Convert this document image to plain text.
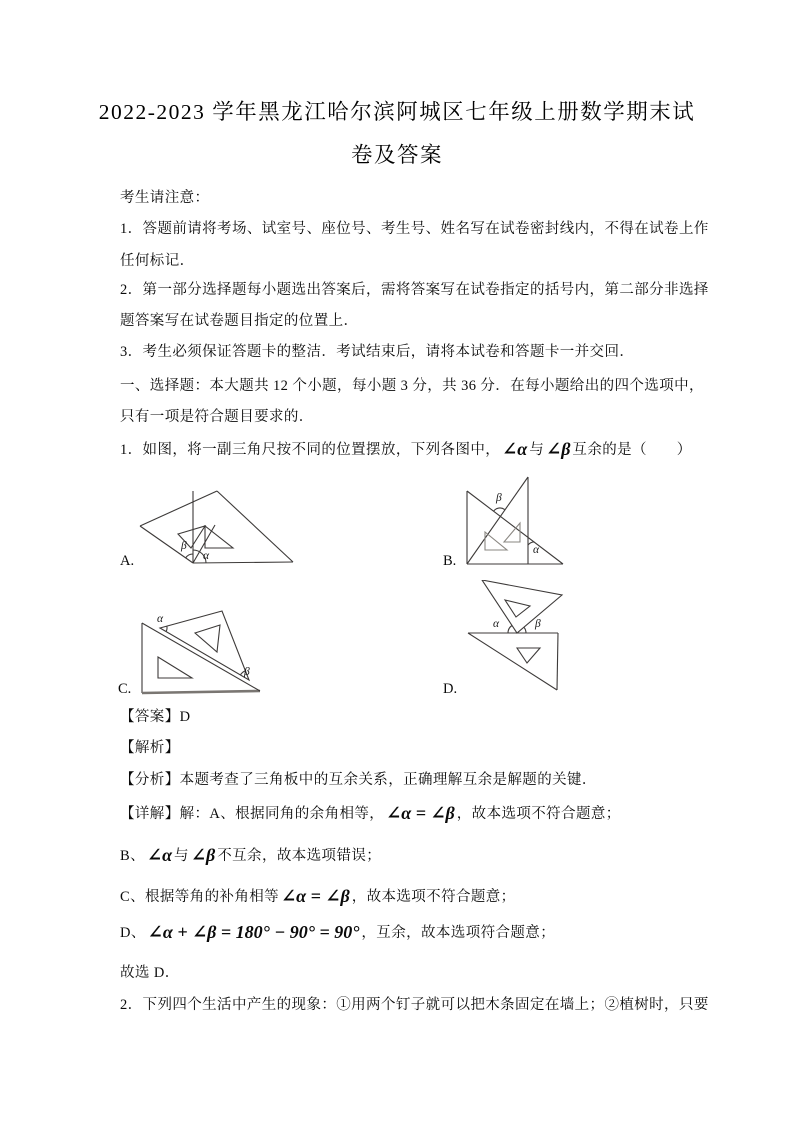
2022-2023 学年黑龙江哈尔滨阿城区七年级上册数学期末试
卷及答案
考生请注意：
1．答题前请将考场、试室号、座位号、考生号、姓名写在试卷密封线内，不得在试卷上作
任何标记．
2．第一部分选择题每小题选出答案后，需将答案写在试卷指定的括号内，第二部分非选择
题答案写在试卷题目指定的位置上．
3．考生必须保证答题卡的整洁．考试结束后，请将本试卷和答题卡一并交回．
一、选择题：本大题共 12 个小题，每小题 3 分，共 36 分．在每小题给出的四个选项中，
只有一项是符合题目要求的．
1．如图，将一副三角尺按不同的位置摆放，下列各图中， ∠α 与 ∠β 互余的是（　　）
A.
β
α	B.
β
α
C.
α
β
D.
α	β
【答案】D
【解析】
【分析】本题考查了三角板中的互余关系，正确理解互余是解题的关键．
【详解】解：A、根据同角的余角相等， ∠α = ∠β ，故本选项不符合题意；
B、 ∠α 与 ∠β 不互余，故本选项错误；
C、根据等角的补角相等 ∠α = ∠β ，故本选项不符合题意；
D、 ∠α + ∠β = 180° − 90° = 90° ，互余，故本选项符合题意；
故选 D．
2．下列四个生活中产生的现象：①用两个钉子就可以把木条固定在墙上；②植树时，只要
